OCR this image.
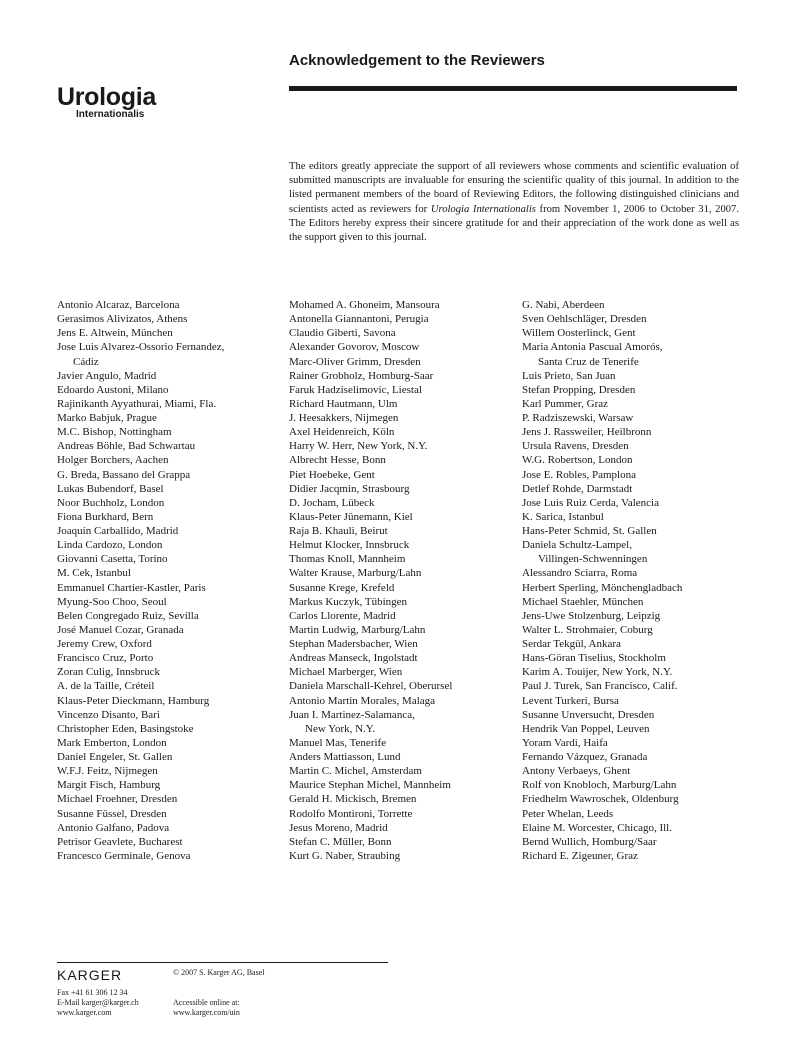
Urologia
Internationalis
Acknowledgement to the Reviewers
The editors greatly appreciate the support of all reviewers whose comments and scientific evaluation of submitted manuscripts are invaluable for ensuring the scientific quality of this journal. In addition to the listed permanent members of the board of Reviewing Editors, the following distinguished clinicians and scientists acted as reviewers for Urologia Internationalis from November 1, 2006 to October 31, 2007. The Editors hereby express their sincere gratitude for and their appreciation of the work done as well as the support given to this journal.
Antonio Alcaraz, Barcelona
Gerasimos Alivizatos, Athens
Jens E. Altwein, München
Jose Luis Alvarez-Ossorio Fernandez,
Cádiz
Javier Angulo, Madrid
Edoardo Austoni, Milano
Rajinikanth Ayyathurai, Miami, Fla.
Marko Babjuk, Prague
M.C. Bishop, Nottingham
Andreas Böhle, Bad Schwartau
Holger Borchers, Aachen
G. Breda, Bassano del Grappa
Lukas Bubendorf, Basel
Noor Buchholz, London
Fiona Burkhard, Bern
Joaquín Carballido, Madrid
Linda Cardozo, London
Giovanni Casetta, Torino
M. Cek, Istanbul
Emmanuel Chartier-Kastler, Paris
Myung-Soo Choo, Seoul
Belen Congregado Ruiz, Sevilla
José Manuel Cozar, Granada
Jeremy Crew, Oxford
Francisco Cruz, Porto
Zoran Culig, Innsbruck
A. de la Taille, Créteil
Klaus-Peter Dieckmann, Hamburg
Vincenzo Disanto, Bari
Christopher Eden, Basingstoke
Mark Emberton, London
Daniel Engeler, St. Gallen
W.F.J. Feitz, Nijmegen
Margit Fisch, Hamburg
Michael Froehner, Dresden
Susanne Füssel, Dresden
Antonio Galfano, Padova
Petrisor Geavlete, Bucharest
Francesco Germinale, Genova
Mohamed A. Ghoneim, Mansoura
Antonella Giannantoni, Perugia
Claudio Giberti, Savona
Alexander Govorov, Moscow
Marc-Oliver Grimm, Dresden
Rainer Grobholz, Homburg-Saar
Faruk Hadziselimovic, Liestal
Richard Hautmann, Ulm
J. Heesakkers, Nijmegen
Axel Heidenreich, Köln
Harry W. Herr, New York, N.Y.
Albrecht Hesse, Bonn
Piet Hoebeke, Gent
Didier Jacqmin, Strasbourg
D. Jocham, Lübeck
Klaus-Peter Jünemann, Kiel
Raja B. Khauli, Beirut
Helmut Klocker, Innsbruck
Thomas Knoll, Mannheim
Walter Krause, Marburg/Lahn
Susanne Krege, Krefeld
Markus Kuczyk, Tübingen
Carlos Llorente, Madrid
Martin Ludwig, Marburg/Lahn
Stephan Madersbacher, Wien
Andreas Manseck, Ingolstadt
Michael Marberger, Wien
Daniela Marschall-Kehrel, Oberursel
Antonio Martin Morales, Malaga
Juan I. Martinez-Salamanca,
New York, N.Y.
Manuel Mas, Tenerife
Anders Mattiasson, Lund
Martin C. Michel, Amsterdam
Maurice Stephan Michel, Mannheim
Gerald H. Mickisch, Bremen
Rodolfo Montironi, Torrette
Jesus Moreno, Madrid
Stefan C. Müller, Bonn
Kurt G. Naber, Straubing
G. Nabi, Aberdeen
Sven Oehlschläger, Dresden
Willem Oosterlinck, Gent
Maria Antonia Pascual Amorós,
Santa Cruz de Tenerife
Luis Prieto, San Juan
Stefan Propping, Dresden
Karl Pummer, Graz
P. Radziszewski, Warsaw
Jens J. Rassweiler, Heilbronn
Ursula Ravens, Dresden
W.G. Robertson, London
Jose E. Robles, Pamplona
Detlef Rohde, Darmstadt
Jose Luis Ruiz Cerda, Valencia
K. Sarica, Istanbul
Hans-Peter Schmid, St. Gallen
Daniela Schultz-Lampel,
Villingen-Schwenningen
Alessandro Sciarra, Roma
Herbert Sperling, Mönchengladbach
Michael Staehler, München
Jens-Uwe Stolzenburg, Leipzig
Walter L. Strohmaier, Coburg
Serdar Tekgül, Ankara
Hans-Göran Tiselius, Stockholm
Karim A. Touijer, New York, N.Y.
Paul J. Turek, San Francisco, Calif.
Levent Turkeri, Bursa
Susanne Unversucht, Dresden
Hendrik Van Poppel, Leuven
Yoram Vardi, Haifa
Fernando Vázquez, Granada
Antony Verbaeys, Ghent
Rolf von Knobloch, Marburg/Lahn
Friedhelm Wawroschek, Oldenburg
Peter Whelan, Leeds
Elaine M. Worcester, Chicago, Ill.
Bernd Wullich, Homburg/Saar
Richard E. Zigeuner, Graz
KARGER	© 2007 S. Karger AG, Basel
Fax +41 61 306 12 34
E-Mail karger@karger.ch
www.karger.com
Accessible online at:
www.karger.com/uin
